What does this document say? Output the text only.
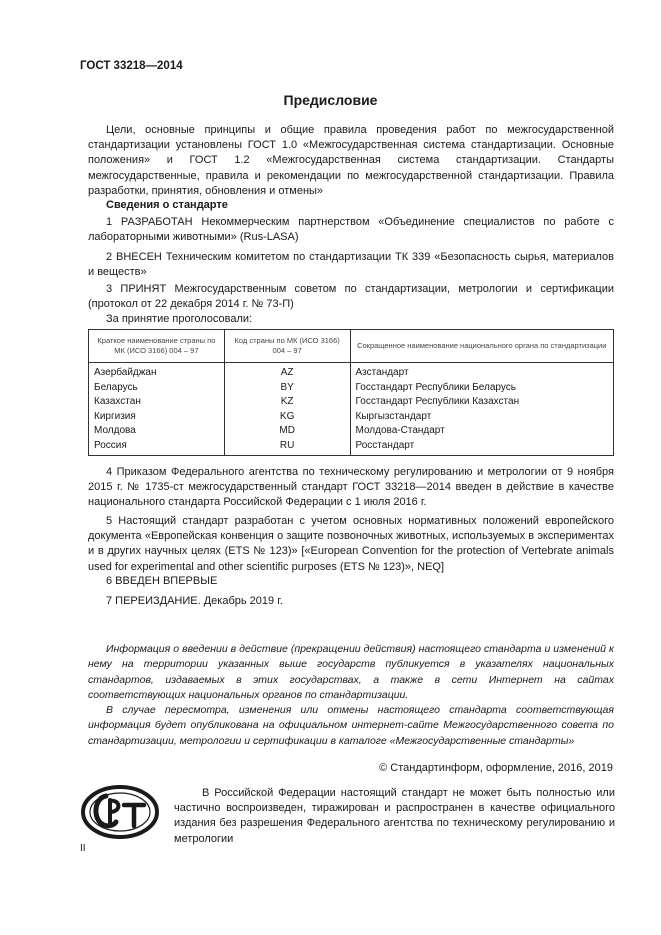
ГОСТ 33218—2014
Предисловие
Цели, основные принципы и общие правила проведения работ по межгосударственной стандартизации установлены ГОСТ 1.0 «Межгосударственная система стандартизации. Основные положения» и ГОСТ 1.2 «Межгосударственная система стандартизации. Стандарты межгосударственные, правила и рекомендации по межгосударственной стандартизации. Правила разработки, принятия, обновления и отмены»
Сведения о стандарте
1 РАЗРАБОТАН Некоммерческим партнерством «Объединение специалистов по работе с лабораторными животными» (Rus-LASA)
2 ВНЕСЕН Техническим комитетом по стандартизации ТК 339 «Безопасность сырья, материалов и веществ»
3 ПРИНЯТ Межгосударственным советом по стандартизации, метрологии и сертификации (протокол от 22 декабря 2014 г. № 73-П)
За принятие проголосовали:
Краткое наименование страны по МК (ИСО 3166) 004 – 97	Код страны по МК (ИСО 3166) 004 – 97	Сокращенное наименование национального органа по стандартизации
Азербайджан	AZ	Азстандарт
Беларусь	BY	Госстандарт Республики Беларусь
Казахстан	KZ	Госстандарт Республики Казахстан
Киргизия	KG	Кыргызстандарт
Молдова	MD	Молдова-Стандарт
Россия	RU	Росстандарт
4 Приказом Федерального агентства по техническому регулированию и метрологии от 9 ноября 2015 г. № 1735-ст межгосударственный стандарт ГОСТ 33218—2014 введен в действие в качестве национального стандарта Российской Федерации с 1 июля 2016 г.
5 Настоящий стандарт разработан с учетом основных нормативных положений европейского документа «Европейская конвенция о защите позвоночных животных, используемых в экспериментах и в других научных целях (ETS № 123)» [«European Convention for the protection of Vertebrate animals used for experimental and other scientific purposes (ETS № 123)», NEQ]
6 ВВЕДЕН ВПЕРВЫЕ
7 ПЕРЕИЗДАНИЕ. Декабрь 2019 г.
Информация о введении в действие (прекращении действия) настоящего стандарта и изменений к нему на территории указанных выше государств публикуется в указателях национальных стандартов, издаваемых в этих государствах, а также в сети Интернет на сайтах соответствующих национальных органов по стандартизации.
В случае пересмотра, изменения или отмены настоящего стандарта соответствующая информация будет опубликована на официальном интернет-сайте Межгосударственного совета по стандартизации, метрологии и сертификации в каталоге «Межгосударственные стандарты»
© Стандартинформ, оформление, 2016, 2019
В Российской Федерации настоящий стандарт не может быть полностью или частично воспроизведен, тиражирован и распространен в качестве официального издания без разрешения Федерального агентства по техническому регулированию и метрологии
II
